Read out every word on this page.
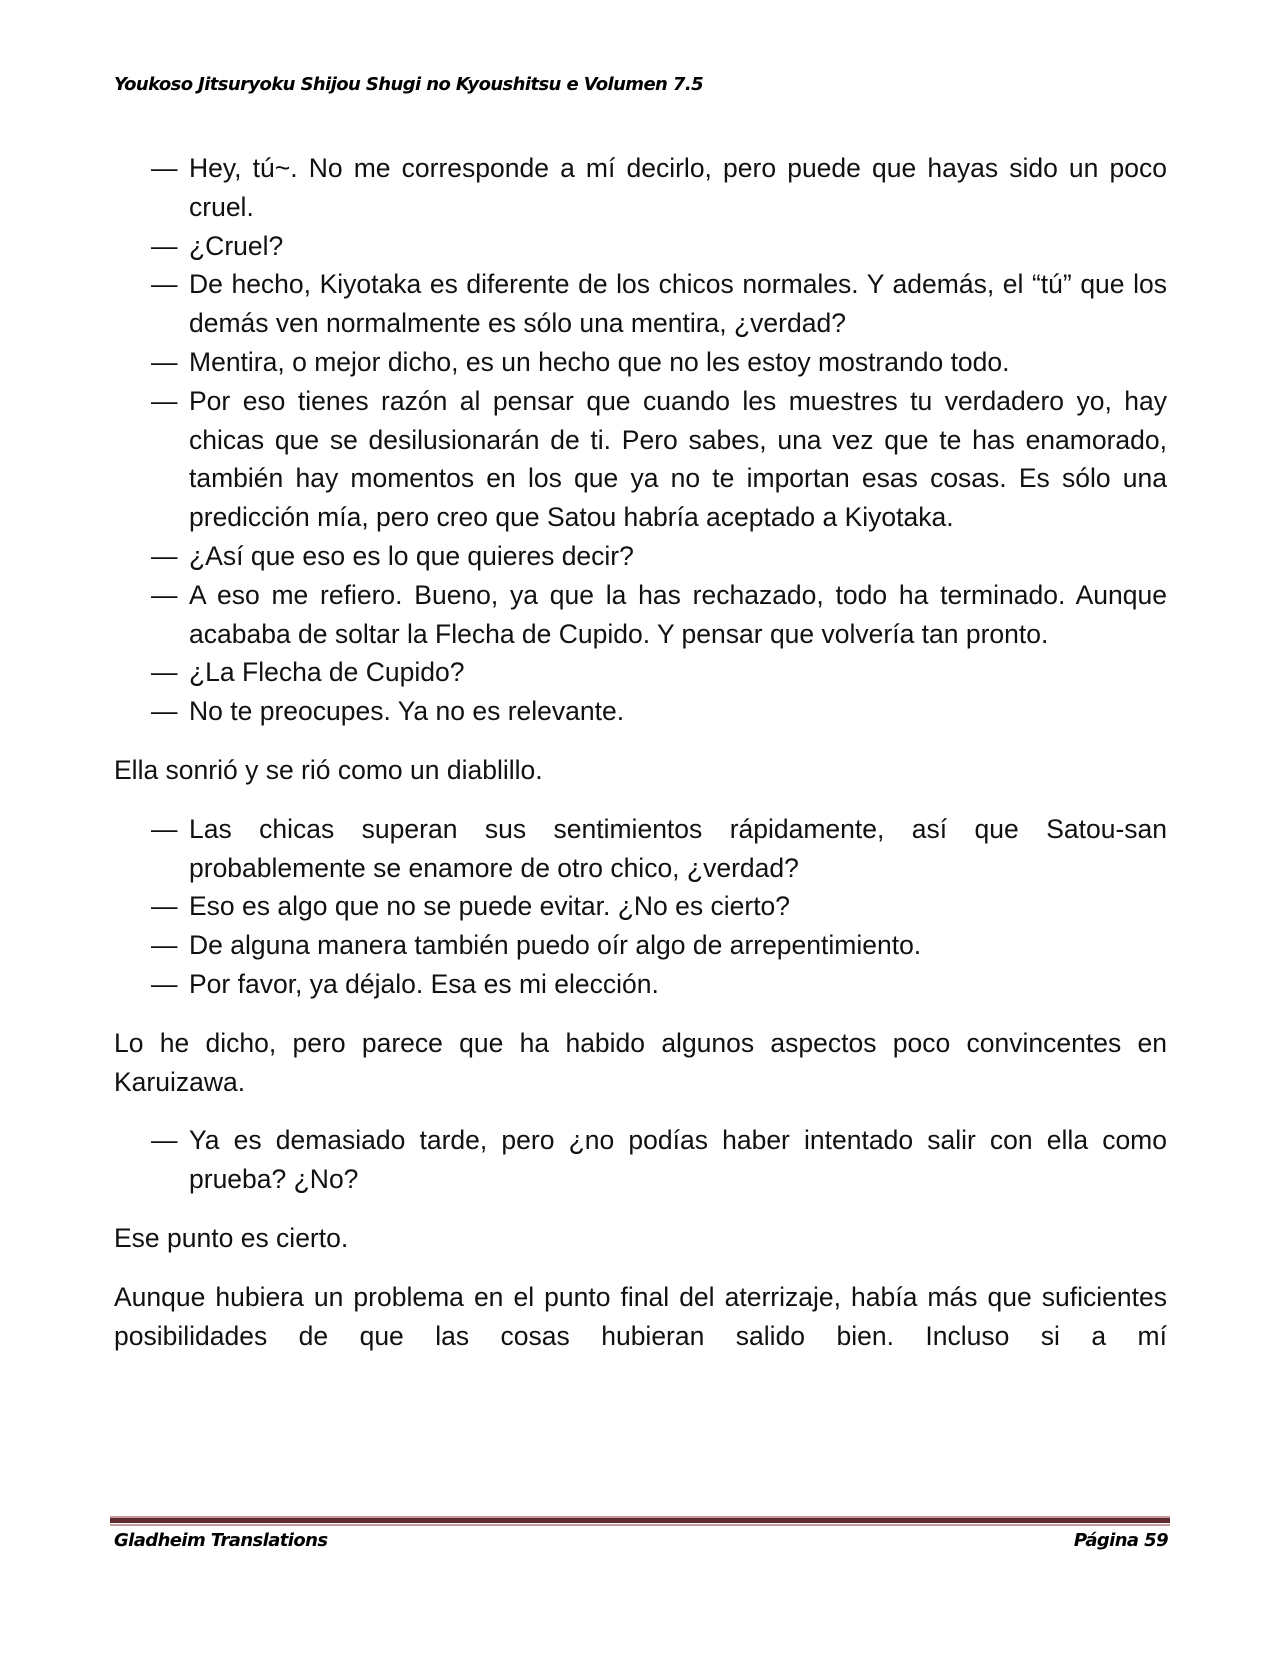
Youkoso Jitsuryoku Shijou Shugi no Kyoushitsu e Volumen 7.5
— Hey, tú~. No me corresponde a mí decirlo, pero puede que hayas sido un poco cruel.
— ¿Cruel?
— De hecho, Kiyotaka es diferente de los chicos normales. Y además, el “tú” que los demás ven normalmente es sólo una mentira, ¿verdad?
— Mentira, o mejor dicho, es un hecho que no les estoy mostrando todo.
— Por eso tienes razón al pensar que cuando les muestres tu verdadero yo, hay chicas que se desilusionarán de ti. Pero sabes, una vez que te has enamorado, también hay momentos en los que ya no te importan esas cosas. Es sólo una predicción mía, pero creo que Satou habría aceptado a Kiyotaka.
— ¿Así que eso es lo que quieres decir?
— A eso me refiero. Bueno, ya que la has rechazado, todo ha terminado. Aunque acababa de soltar la Flecha de Cupido. Y pensar que volvería tan pronto.
— ¿La Flecha de Cupido?
— No te preocupes. Ya no es relevante.
Ella sonrió y se rió como un diablillo.
— Las chicas superan sus sentimientos rápidamente, así que Satou-san probablemente se enamore de otro chico, ¿verdad?
— Eso es algo que no se puede evitar. ¿No es cierto?
— De alguna manera también puedo oír algo de arrepentimiento.
— Por favor, ya déjalo. Esa es mi elección.
Lo he dicho, pero parece que ha habido algunos aspectos poco convincentes en Karuizawa.
— Ya es demasiado tarde, pero ¿no podías haber intentado salir con ella como prueba? ¿No?
Ese punto es cierto.
Aunque hubiera un problema en el punto final del aterrizaje, había más que suficientes posibilidades de que las cosas hubieran salido bien. Incluso si a mí
Gladheim Translations	Página 59
